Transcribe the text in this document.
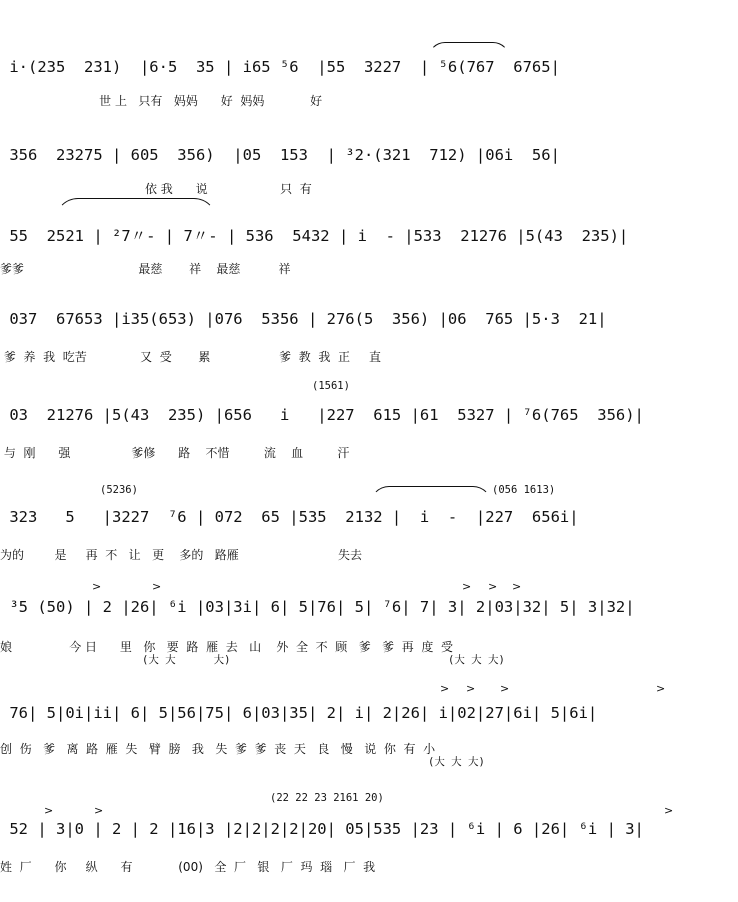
i·(235  231)  |6·5  35 | i65 ⁵6  |55  3227  | ⁵6(767  6765|
世 上   只有   妈妈      好  妈妈            好
356  23275 | 605  356)  |05  153  | ³2·(321  712) |06i  56|
依 我      说                   只  有
55  2521 | ²7〃- | 7〃- | 536  5432 | i  - |533  21276 |5(43  235)|
爹爹                              最慈       祥    最慈          祥
037  67653 |i35(653) |076  5356 | 276(5  356) |06  765 |5·3  21|
爹  养  我  吃苦              又  受       累                  爹  教  我  正     直
(1561)
03  21276 |5(43  235) |656   i   |227  615 |61  5327 | ⁷6(765  356)|
与  刚      强                爹修      路    不惜         流    血         汗
(5236)	(056 1613)
323   5   |3227  ⁷6 | 072  65 |535  2132 |  i  -  |227  656i|
为的        是     再  不   让   更    多的   路雁                          失去
>	>	> > >
³5 (50) | 2 |26| ⁶i |03|3i| 6| 5|76| 5| ⁷6| 7| 3| 2|03|32| 5| 3|32|
娘               今 日      里   你   要  路  雁  去   山    外  全  不  顾   爹   爹  再  度  受
(大 大      大)	(大 大 大)
> > >	>
76| 5|0i|ii| 6| 5|56|75| 6|03|35| 2| i| 2|26| i|02|27|6i| 5|6i|
创  伤   爹   离  路  雁  失   臂  膀   我   失  爹  爹  丧  天   良   慢   说  你  有  小
(大 大 大)
(22 22 23 2161 20)
>	>	>
52 | 3|0 | 2 | 2 |16|3 |2|2|2|2|20| 05|535 |23 | ⁶i | 6 |26| ⁶i | 3|
姓  厂      你     纵      有            (00)   全  厂   银   厂  玛  瑙   厂  我
